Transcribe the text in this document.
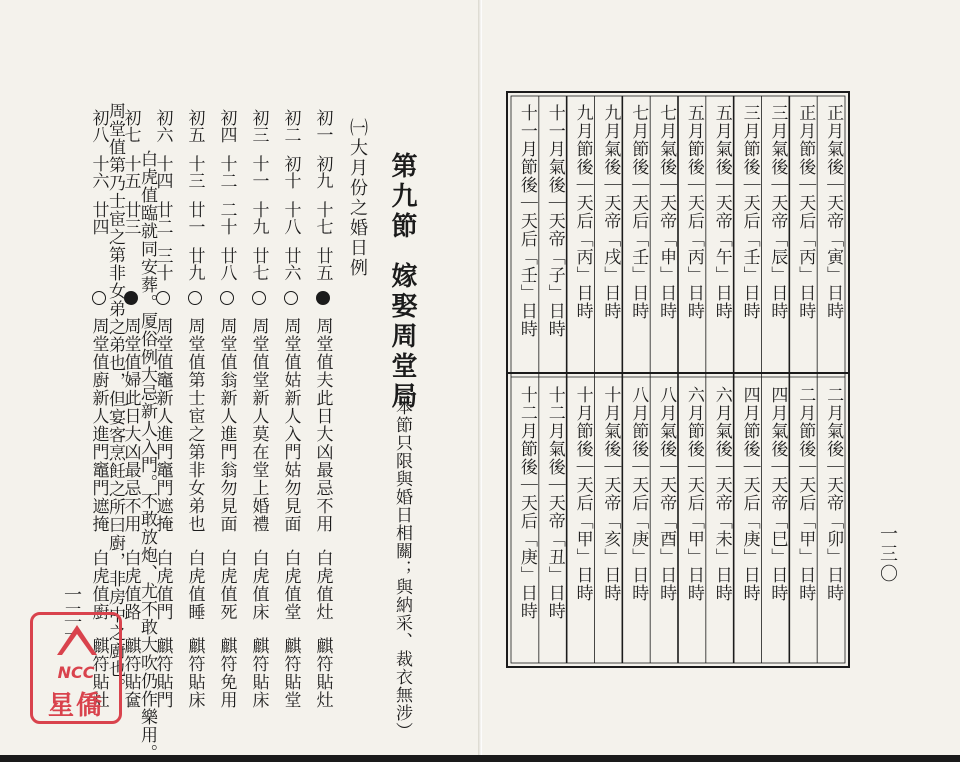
第九節
嫁娶周堂局
（本節只限與婚日相關；與納采、裁衣無涉）
㈠大月份之婚日例
初一
初九
十七
廿五
周堂值夫
此日大凶最忌不用
白虎值灶
麒符貼灶
初二
初十
十八
廿六
周堂值姑
新人入門姑勿見面
白虎值堂
麒符貼堂
初三
十一
十九
廿七
周堂值堂
新人莫在堂上婚禮
白虎值床
麒符貼床
初四
十二
二十
廿八
周堂值翁
新人進門翁勿見面
白虎值死
麒符免用
初五
十三
廿一
廿九
周堂值第
士宦之第非女弟也
白虎值睡
麒符貼床
初六
十四
廿二
三十
周堂值竈
新人進門竈門遮掩
白虎值門
麒符貼門
初七
十五
廿三
周堂值婦
此日大凶最忌不用
白虎值路
麒符貼奩
初八
十六
廿四
周堂值廚
新人進門竈門遮掩
白虎值廚
麒符貼灶 白虎值臨就同安葬。厦俗例大忌新人入門。不敢放炮、尤不敢大吹仍作樂用。
周堂值第乃士宦之第非女弟之弟也，但宴客烹飪之所曰廚，非房中之廚也。
一三一
NCC
星僑
正月氣後｜天帝「寅」日時
正月節後｜天后「丙」日時
三月氣後｜天帝「辰」日時
三月節後｜天后「壬」日時
五月氣後｜天帝「午」日時
五月節後｜天后「丙」日時
七月氣後｜天帝「申」日時
七月節後｜天后「壬」日時
九月氣後｜天帝「戌」日時
九月節後｜天后「丙」日時
十一月氣後｜天帝「子」日時
十一月節後｜天后「壬」日時
二月氣後｜天帝「卯」日時
二月節後｜天后「甲」日時
四月氣後｜天帝「巳」日時
四月節後｜天后「庚」日時
六月氣後｜天帝「未」日時
六月節後｜天后「甲」日時
八月氣後｜天帝「酉」日時
八月節後｜天后「庚」日時
十月氣後｜天帝「亥」日時
十月節後｜天后「甲」日時
十二月氣後｜天帝「丑」日時
十二月節後｜天后「庚」日時	一三〇
